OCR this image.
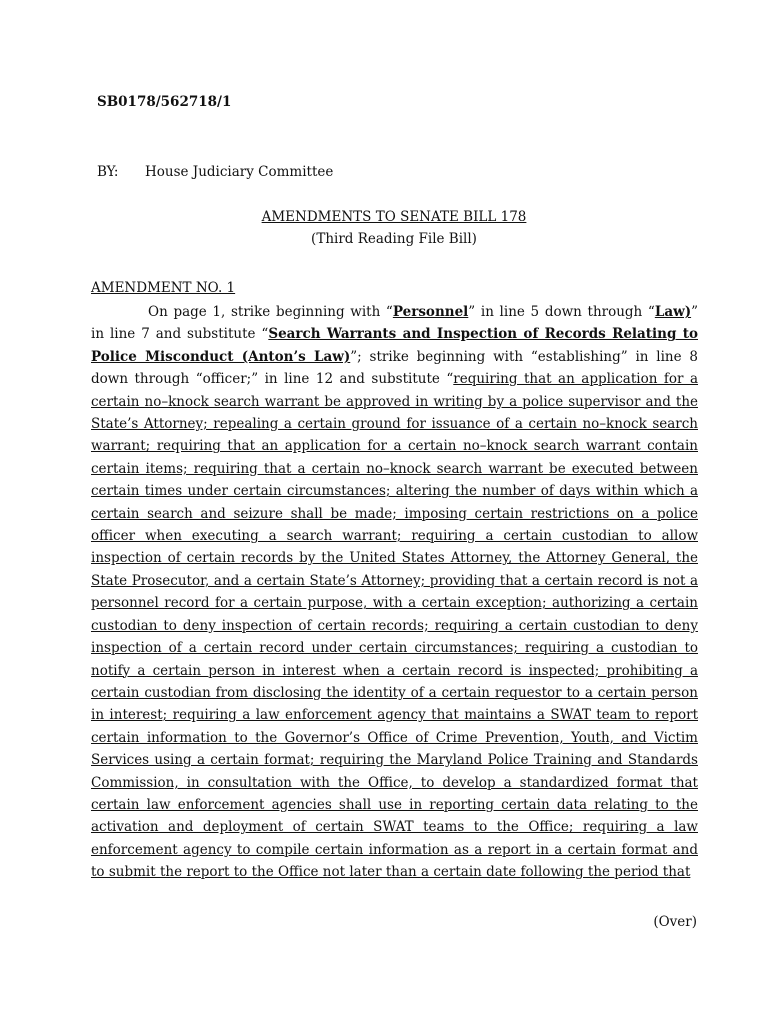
SB0178/562718/1
BY: House Judiciary Committee
AMENDMENTS TO SENATE BILL 178
(Third Reading File Bill)
AMENDMENT NO. 1

On page 1, strike beginning with “Personnel” in line 5 down through “Law)” in line 7 and substitute “Search Warrants and Inspection of Records Relating to Police Misconduct (Anton’s Law)”; strike beginning with “establishing” in line 8 down through “officer;” in line 12 and substitute “requiring that an application for a certain no–knock search warrant be approved in writing by a police supervisor and the State’s Attorney; repealing a certain ground for issuance of a certain no–knock search warrant; requiring that an application for a certain no–knock search warrant contain certain items; requiring that a certain no–knock search warrant be executed between certain times under certain circumstances; altering the number of days within which a certain search and seizure shall be made; imposing certain restrictions on a police officer when executing a search warrant; requiring a certain custodian to allow inspection of certain records by the United States Attorney, the Attorney General, the State Prosecutor, and a certain State’s Attorney; providing that a certain record is not a personnel record for a certain purpose, with a certain exception; authorizing a certain custodian to deny inspection of certain records; requiring a certain custodian to deny inspection of a certain record under certain circumstances; requiring a custodian to notify a certain person in interest when a certain record is inspected; prohibiting a certain custodian from disclosing the identity of a certain requestor to a certain person in interest; requiring a law enforcement agency that maintains a SWAT team to report certain information to the Governor’s Office of Crime Prevention, Youth, and Victim Services using a certain format; requiring the Maryland Police Training and Standards Commission, in consultation with the Office, to develop a standardized format that certain law enforcement agencies shall use in reporting certain data relating to the activation and deployment of certain SWAT teams to the Office; requiring a law enforcement agency to compile certain information as a report in a certain format and to submit the report to the Office not later than a certain date following the period that

(Over)
